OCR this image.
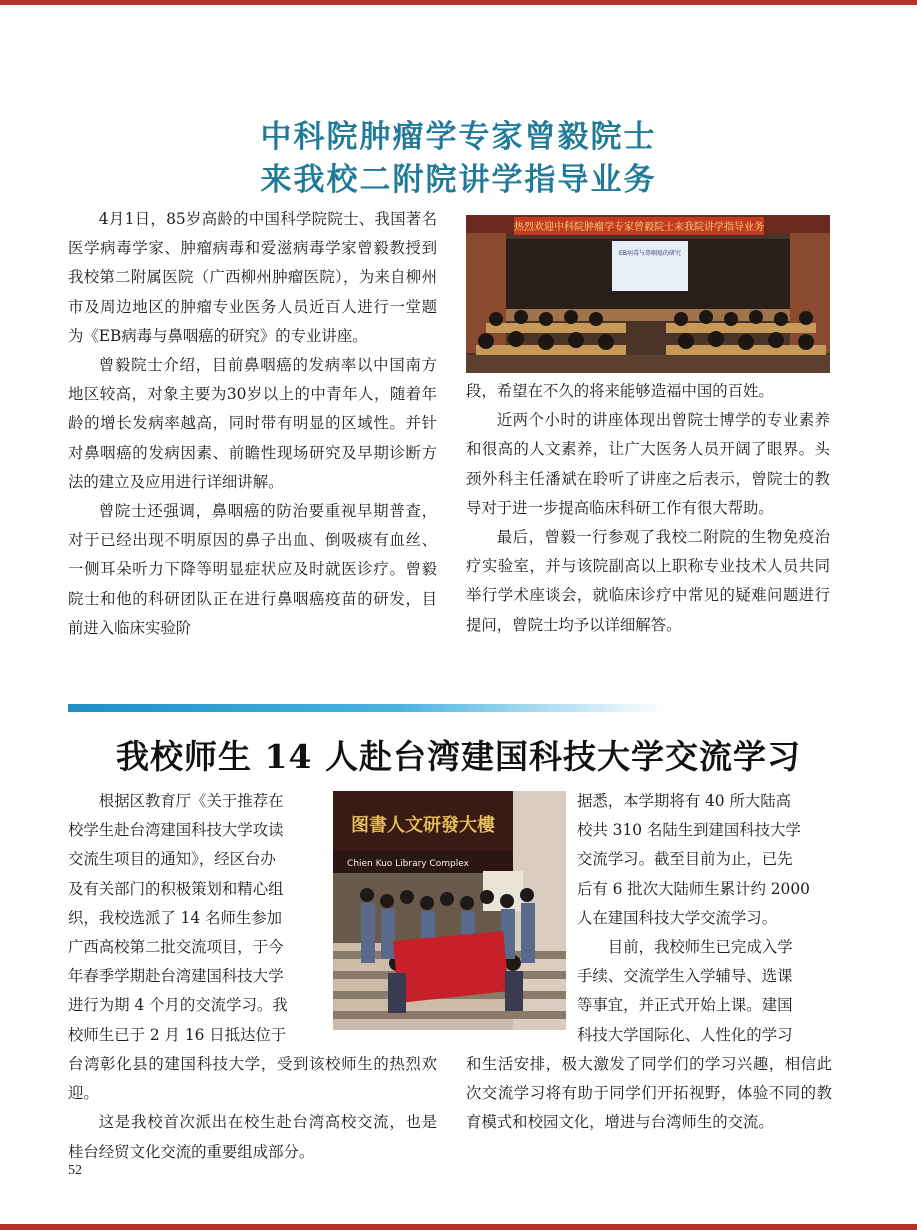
中科院肿瘤学专家曾毅院士
来我校二附院讲学指导业务

4月1日，85岁高龄的中国科学院院士、我国著名医学病毒学家、肿瘤病毒和爱滋病毒学家曾毅教授到我校第二附属医院（广西柳州肿瘤医院），为来自柳州市及周边地区的肿瘤专业医务人员近百人进行一堂题为《EB病毒与鼻咽癌的研究》的专业讲座。

曾毅院士介绍，目前鼻咽癌的发病率以中国南方地区较高，对象主要为30岁以上的中青年人，随着年龄的增长发病率越高，同时带有明显的区域性。并针对鼻咽癌的发病因素、前瞻性现场研究及早期诊断方法的建立及应用进行详细讲解。

曾院士还强调，鼻咽癌的防治要重视早期普查，对于已经出现不明原因的鼻子出血、倒吸痰有血丝、一侧耳朵听力下降等明显症状应及时就医诊疗。曾毅院士和他的科研团队正在进行鼻咽癌疫苗的研发，目前进入临床实验阶

热烈欢迎中科院肿瘤学专家曾毅院士来我院讲学指导业务
EB病毒与鼻咽癌的研究

段，希望在不久的将来能够造福中国的百姓。

近两个小时的讲座体现出曾院士博学的专业素养和很高的人文素养，让广大医务人员开阔了眼界。头颈外科主任潘斌在聆听了讲座之后表示，曾院士的教导对于进一步提高临床科研工作有很大帮助。

最后，曾毅一行参观了我校二附院的生物免疫治疗实验室，并与该院副高以上职称专业技术人员共同举行学术座谈会，就临床诊疗中常见的疑难问题进行提问，曾院士均予以详细解答。

我校师生 14 人赴台湾建国科技大学交流学习
图書人文研發大樓
Chien Kuo Library Complex

根据区教育厅《关于推荐在

校学生赴台湾建国科技大学攻读

交流生项目的通知》，经区台办

及有关部门的积极策划和精心组

织，我校选派了 14 名师生参加

广西高校第二批交流项目，于今

年春季学期赴台湾建国科技大学

进行为期 4 个月的交流学习。我

校师生已于 2 月 16 日抵达位于

台湾彰化县的建国科技大学，受到该校师生的热烈欢迎。

这是我校首次派出在校生赴台湾高校交流，也是桂台经贸文化交流的重要组成部分。

据悉，本学期将有 40 所大陆高

校共 310 名陆生到建国科技大学

交流学习。截至目前为止，已先

后有 6 批次大陆师生累计约 2000

人在建国科技大学交流学习。

目前，我校师生已完成入学

手续、交流学生入学辅导、选课

等事宜，并正式开始上课。建国

科技大学国际化、人性化的学习

和生活安排，极大激发了同学们的学习兴趣，相信此次交流学习将有助于同学们开拓视野，体验不同的教育模式和校园文化，增进与台湾师生的交流。

52
